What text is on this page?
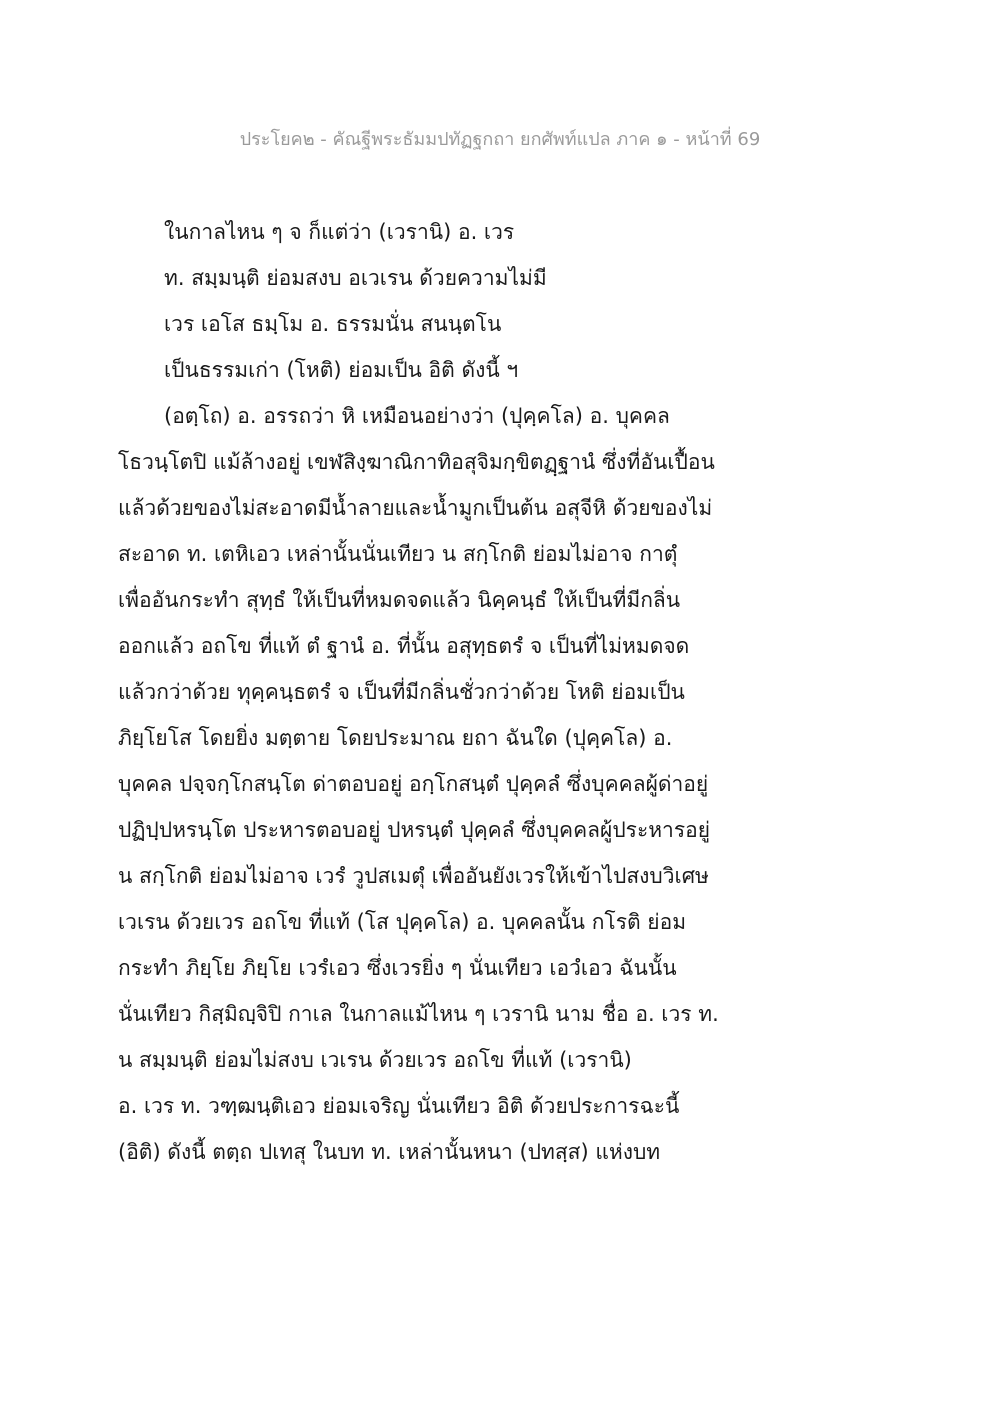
ประโยค๒ - คัณฐีพระธัมมปทัฏฐกถา ยกศัพท์แปล ภาค ๑ - หน้าที่ 69
ในกาลไหน ๆ จ ก็แต่ว่า (เวรานิ) อ. เวร
ท. สมฺมนฺติ ย่อมสงบ อเวเรน ด้วยความไม่มี
เวร เอโส ธมฺโม อ. ธรรมนั่น สนนฺตโน
เป็นธรรมเก่า (โหติ) ย่อมเป็น อิติ ดังนี้ ฯ
(อตฺโถ) อ. อรรถว่า หิ เหมือนอย่างว่า (ปุคฺคโล) อ. บุคคล
โธวนฺโตปิ แม้ล้างอยู่ เขฬสิงฺฆาณิกาทิอสุจิมกฺขิตฏฺฐานํ ซึ่งที่อันเปื้อน
แล้วด้วยของไม่สะอาดมีน้ำลายและน้ำมูกเป็นต้น อสุจีหิ ด้วยของไม่
สะอาด ท. เตหิเอว เหล่านั้นนั่นเทียว น สกฺโกติ ย่อมไม่อาจ กาตุํ
เพื่ออันกระทำ สุทฺธํ ให้เป็นที่หมดจดแล้ว นิคฺคนฺธํ ให้เป็นที่มีกลิ่น
ออกแล้ว อถโข ที่แท้ ตํ ฐานํ อ. ที่นั้น อสุทฺธตรํ จ เป็นที่ไม่หมดจด
แล้วกว่าด้วย ทุคฺคนฺธตรํ จ เป็นที่มีกลิ่นชั่วกว่าด้วย โหติ ย่อมเป็น
ภิยฺโยโส โดยยิ่ง มตฺตาย โดยประมาณ ยถา ฉันใด (ปุคฺคโล) อ.
บุคคล ปจฺจกฺโกสนฺโต ด่าตอบอยู่ อกฺโกสนฺตํ ปุคฺคลํ ซึ่งบุคคลผู้ด่าอยู่
ปฏิปฺปหรนฺโต ประหารตอบอยู่ ปหรนฺตํ ปุคฺคลํ ซึ่งบุคคลผู้ประหารอยู่
น สกฺโกติ ย่อมไม่อาจ เวรํ วูปสเมตุํ เพื่ออันยังเวรให้เข้าไปสงบวิเศษ
เวเรน ด้วยเวร อถโข ที่แท้ (โส ปุคฺคโล) อ. บุคคลนั้น กโรติ ย่อม
กระทำ ภิยฺโย ภิยฺโย เวรํเอว ซึ่งเวรยิ่ง ๆ นั่นเทียว เอวํเอว ฉันนั้น
นั่นเทียว กิสฺมิญฺจิปิ กาเล ในกาลแม้ไหน ๆ เวรานิ นาม ชื่อ อ. เวร ท.
น สมฺมนฺติ ย่อมไม่สงบ เวเรน ด้วยเวร อถโข ที่แท้ (เวรานิ)
อ. เวร ท. วฑฺฒนฺติเอว ย่อมเจริญ นั่นเทียว อิติ ด้วยประการฉะนี้
(อิติ) ดังนี้ ตตฺถ ปเทสุ ในบท ท. เหล่านั้นหนา (ปทสฺส) แห่งบท
